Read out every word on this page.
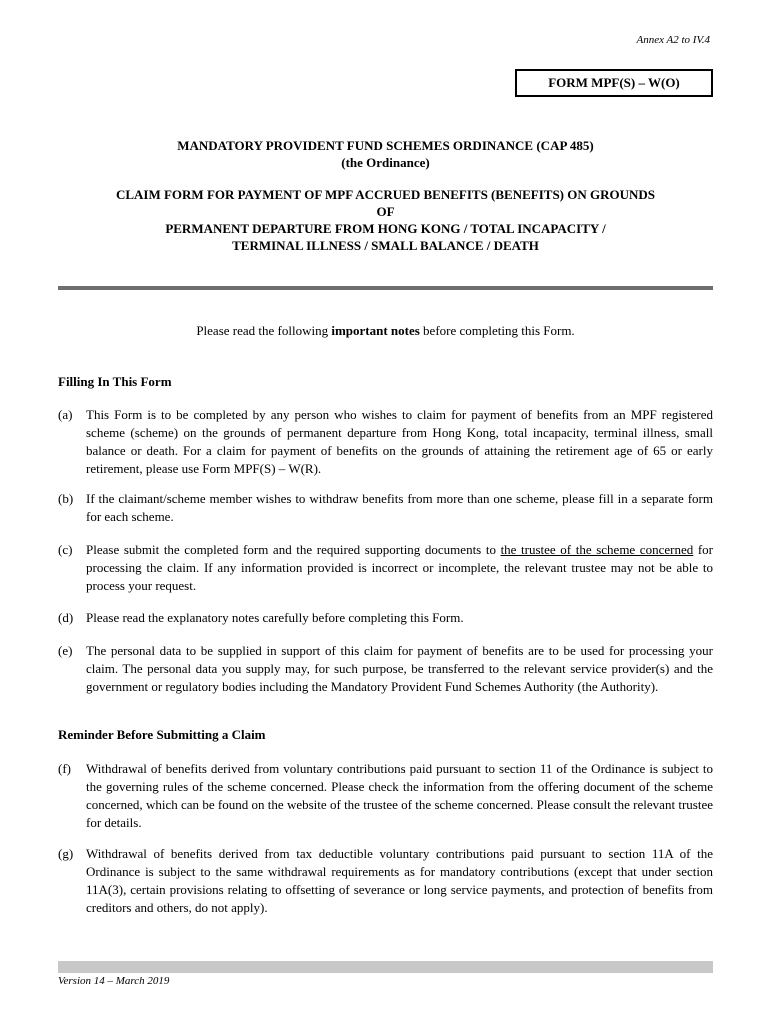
Annex A2 to IV.4
FORM MPF(S) – W(O)
MANDATORY PROVIDENT FUND SCHEMES ORDINANCE (CAP 485)
(the Ordinance)
CLAIM FORM FOR PAYMENT OF MPF ACCRUED BENEFITS (BENEFITS) ON GROUNDS
OF
PERMANENT DEPARTURE FROM HONG KONG / TOTAL INCAPACITY /
TERMINAL ILLNESS / SMALL BALANCE / DEATH
Please read the following important notes before completing this Form.
Filling In This Form
(a)	This Form is to be completed by any person who wishes to claim for payment of benefits from an MPF registered scheme (scheme) on the grounds of permanent departure from Hong Kong, total incapacity, terminal illness, small balance or death. For a claim for payment of benefits on the grounds of attaining the retirement age of 65 or early retirement, please use Form MPF(S) – W(R).
(b) If the claimant/scheme member wishes to withdraw benefits from more than one scheme, please fill in a separate form for each scheme.
(c)	Please submit the completed form and the required supporting documents to the trustee of the scheme concerned for processing the claim. If any information provided is incorrect or incomplete, the relevant trustee may not be able to process your request.
(d) Please read the explanatory notes carefully before completing this Form.
(e)	The personal data to be supplied in support of this claim for payment of benefits are to be used for processing your claim. The personal data you supply may, for such purpose, be transferred to the relevant service provider(s) and the government or regulatory bodies including the Mandatory Provident Fund Schemes Authority (the Authority).
Reminder Before Submitting a Claim
(f)	Withdrawal of benefits derived from voluntary contributions paid pursuant to section 11 of the Ordinance is subject to the governing rules of the scheme concerned. Please check the information from the offering document of the scheme concerned, which can be found on the website of the trustee of the scheme concerned. Please consult the relevant trustee for details.
(g) Withdrawal of benefits derived from tax deductible voluntary contributions paid pursuant to section 11A of the Ordinance is subject to the same withdrawal requirements as for mandatory contributions (except that under section 11A(3), certain provisions relating to offsetting of severance or long service payments, and protection of benefits from creditors and others, do not apply).
Version 14 – March 2019
